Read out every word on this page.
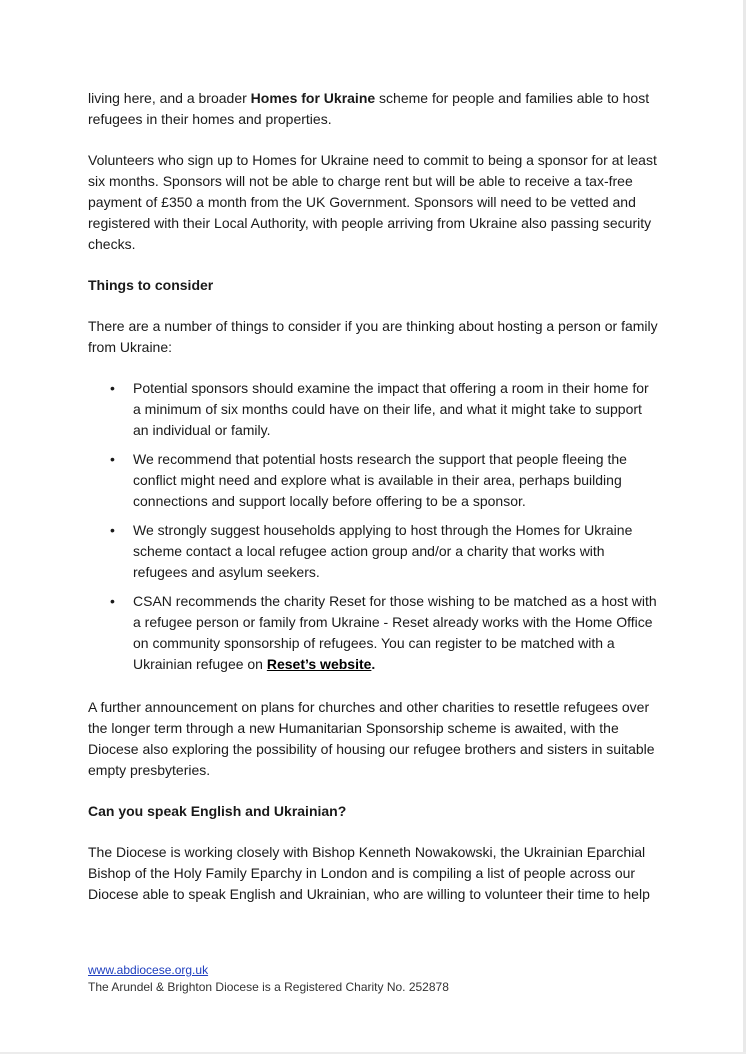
living here, and a broader Homes for Ukraine scheme for people and families able to host refugees in their homes and properties.

Volunteers who sign up to Homes for Ukraine need to commit to being a sponsor for at least six months. Sponsors will not be able to charge rent but will be able to receive a tax-free payment of £350 a month from the UK Government. Sponsors will need to be vetted and registered with their Local Authority, with people arriving from Ukraine also passing security checks.

Things to consider

There are a number of things to consider if you are thinking about hosting a person or family from Ukraine:

• Potential sponsors should examine the impact that offering a room in their home for a minimum of six months could have on their life, and what it might take to support an individual or family.
• We recommend that potential hosts research the support that people fleeing the conflict might need and explore what is available in their area, perhaps building connections and support locally before offering to be a sponsor.
• We strongly suggest households applying to host through the Homes for Ukraine scheme contact a local refugee action group and/or a charity that works with refugees and asylum seekers.
• CSAN recommends the charity Reset for those wishing to be matched as a host with a refugee person or family from Ukraine - Reset already works with the Home Office on community sponsorship of refugees. You can register to be matched with a Ukrainian refugee on Reset’s website.

A further announcement on plans for churches and other charities to resettle refugees over the longer term through a new Humanitarian Sponsorship scheme is awaited, with the Diocese also exploring the possibility of housing our refugee brothers and sisters in suitable empty presbyteries.

Can you speak English and Ukrainian?

The Diocese is working closely with Bishop Kenneth Nowakowski, the Ukrainian Eparchial Bishop of the Holy Family Eparchy in London and is compiling a list of people across our Diocese able to speak English and Ukrainian, who are willing to volunteer their time to help

www.abdiocese.org.uk
The Arundel & Brighton Diocese is a Registered Charity No. 252878
